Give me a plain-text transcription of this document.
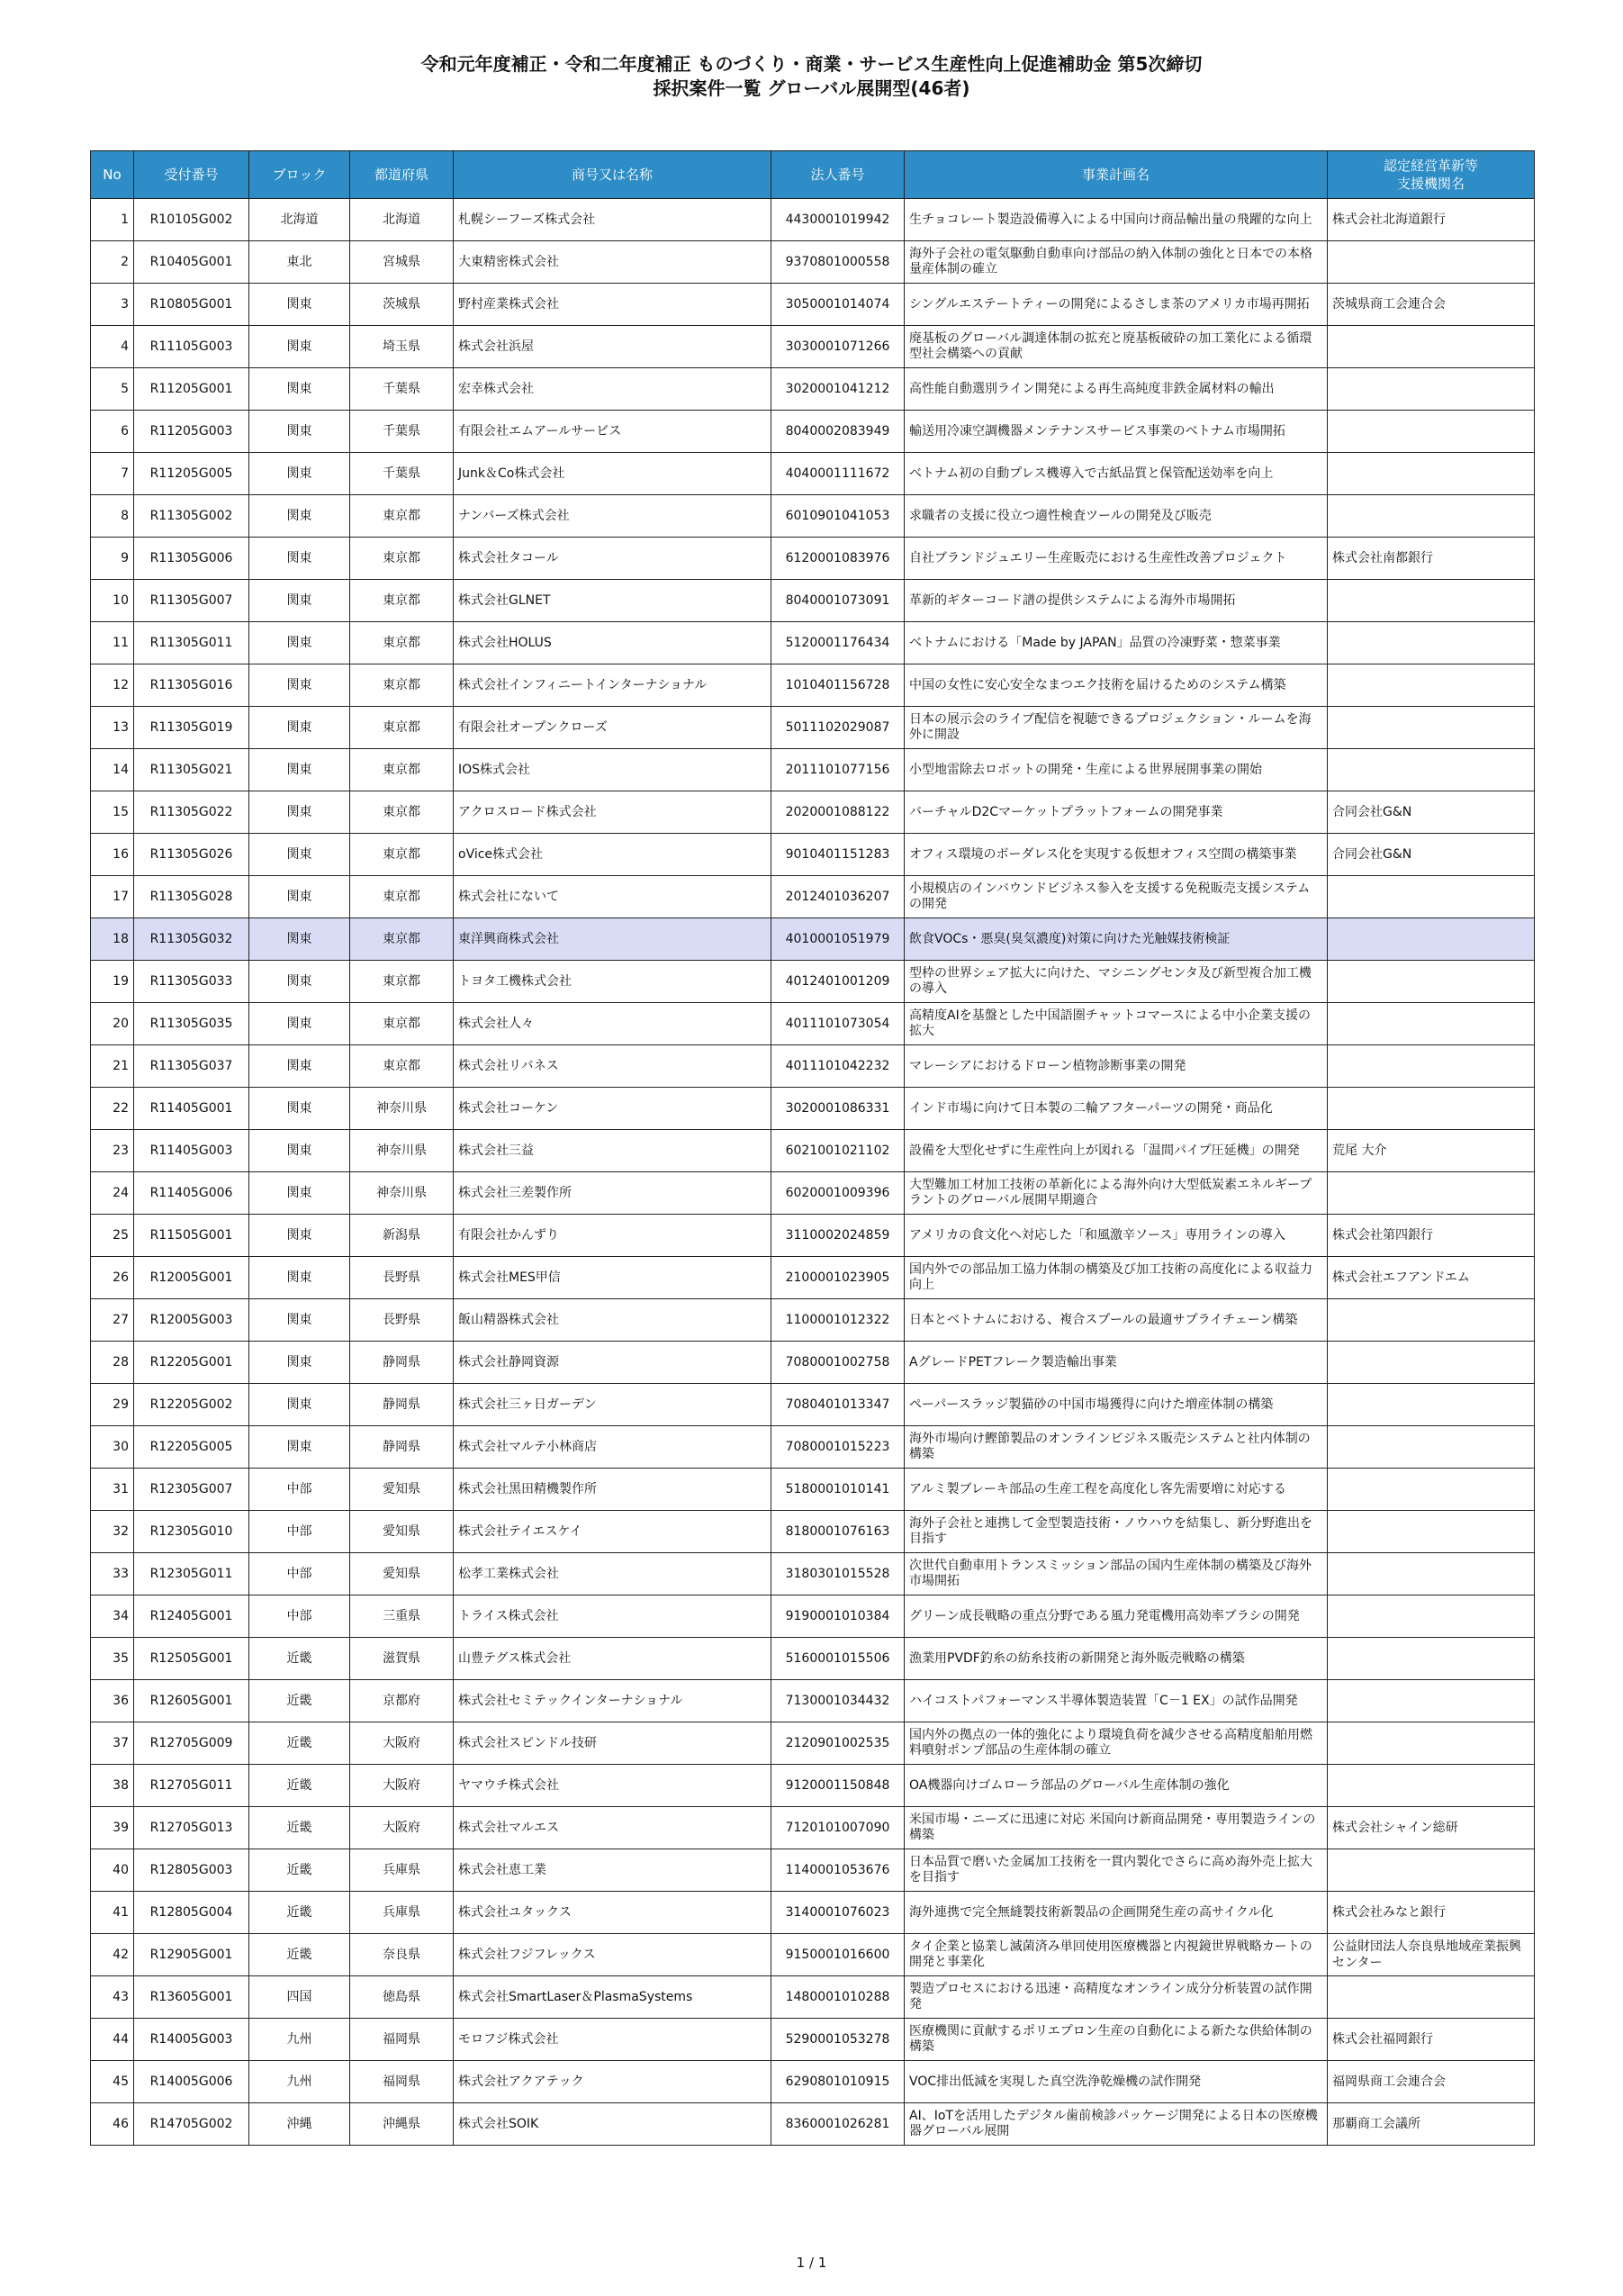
令和元年度補正・令和二年度補正 ものづくり・商業・サービス生産性向上促進補助金 第5次締切
採択案件一覧 グローバル展開型(46者)
No	受付番号	ブロック	都道府県	商号又は名称	法人番号	事業計画名	認定経営革新等
支援機関名

1	R10105G002	北海道	北海道	札幌シーフーズ株式会社	4430001019942	生チョコレート製造設備導入による中国向け商品輸出量の飛躍的な向上	株式会社北海道銀行
2	R10405G001	東北	宮城県	大東精密株式会社	9370801000558	海外子会社の電気駆動自動車向け部品の納入体制の強化と日本での本格量産体制の確立	
3	R10805G001	関東	茨城県	野村産業株式会社	3050001014074	シングルエステートティーの開発によるさしま茶のアメリカ市場再開拓	茨城県商工会連合会
4	R11105G003	関東	埼玉県	株式会社浜屋	3030001071266	廃基板のグローバル調達体制の拡充と廃基板破砕の加工業化による循環型社会構築への貢献	
5	R11205G001	関東	千葉県	宏幸株式会社	3020001041212	高性能自動選別ライン開発による再生高純度非鉄金属材料の輸出	
6	R11205G003	関東	千葉県	有限会社エムアールサービス	8040002083949	輸送用冷凍空調機器メンテナンスサービス事業のベトナム市場開拓	
7	R11205G005	関東	千葉県	Junk＆Co株式会社	4040001111672	ベトナム初の自動プレス機導入で古紙品質と保管配送効率を向上	
8	R11305G002	関東	東京都	ナンバーズ株式会社	6010901041053	求職者の支援に役立つ適性検査ツールの開発及び販売	
9	R11305G006	関東	東京都	株式会社タコール	6120001083976	自社ブランドジュエリー生産販売における生産性改善プロジェクト	株式会社南都銀行
10	R11305G007	関東	東京都	株式会社GLNET	8040001073091	革新的ギターコード譜の提供システムによる海外市場開拓	
11	R11305G011	関東	東京都	株式会社HOLUS	5120001176434	ベトナムにおける「Made by JAPAN」品質の冷凍野菜・惣菜事業	
12	R11305G016	関東	東京都	株式会社インフィニートインターナショナル	1010401156728	中国の女性に安心安全なまつエク技術を届けるためのシステム構築	
13	R11305G019	関東	東京都	有限会社オープンクローズ	5011102029087	日本の展示会のライブ配信を視聴できるプロジェクション・ルームを海外に開設	
14	R11305G021	関東	東京都	IOS株式会社	2011101077156	小型地雷除去ロボットの開発・生産による世界展開事業の開始	
15	R11305G022	関東	東京都	アクロスロード株式会社	2020001088122	バーチャルD2Cマーケットプラットフォームの開発事業	合同会社G&N
16	R11305G026	関東	東京都	oVice株式会社	9010401151283	オフィス環境のボーダレス化を実現する仮想オフィス空間の構築事業	合同会社G&N
17	R11305G028	関東	東京都	株式会社にないて	2012401036207	小規模店のインバウンドビジネス参入を支援する免税販売支援システムの開発	
18	R11305G032	関東	東京都	東洋興商株式会社	4010001051979	飲食VOCs・悪臭(臭気濃度)対策に向けた光触媒技術検証	
19	R11305G033	関東	東京都	トヨタ工機株式会社	4012401001209	型枠の世界シェア拡大に向けた、マシニングセンタ及び新型複合加工機の導入	
20	R11305G035	関東	東京都	株式会社人々	4011101073054	高精度AIを基盤とした中国語圏チャットコマースによる中小企業支援の拡大	
21	R11305G037	関東	東京都	株式会社リバネス	4011101042232	マレーシアにおけるドローン植物診断事業の開発	
22	R11405G001	関東	神奈川県	株式会社コーケン	3020001086331	インド市場に向けて日本製の二輪アフターパーツの開発・商品化	
23	R11405G003	関東	神奈川県	株式会社三益	6021001021102	設備を大型化せずに生産性向上が図れる「温間パイプ圧延機」の開発	荒尾 大介
24	R11405G006	関東	神奈川県	株式会社三差製作所	6020001009396	大型難加工材加工技術の革新化による海外向け大型低炭素エネルギープラントのグローバル展開早期適合	
25	R11505G001	関東	新潟県	有限会社かんずり	3110002024859	アメリカの食文化へ対応した「和風激辛ソース」専用ラインの導入	株式会社第四銀行
26	R12005G001	関東	長野県	株式会社MES甲信	2100001023905	国内外での部品加工協力体制の構築及び加工技術の高度化による収益力向上	株式会社エフアンドエム
27	R12005G003	関東	長野県	飯山精器株式会社	1100001012322	日本とベトナムにおける、複合スプールの最適サプライチェーン構築	
28	R12205G001	関東	静岡県	株式会社静岡資源	7080001002758	AグレードPETフレーク製造輸出事業	
29	R12205G002	関東	静岡県	株式会社三ヶ日ガーデン	7080401013347	ペーパースラッジ製猫砂の中国市場獲得に向けた増産体制の構築	
30	R12205G005	関東	静岡県	株式会社マルテ小林商店	7080001015223	海外市場向け鰹節製品のオンラインビジネス販売システムと社内体制の構築	
31	R12305G007	中部	愛知県	株式会社黒田精機製作所	5180001010141	アルミ製ブレーキ部品の生産工程を高度化し客先需要増に対応する	
32	R12305G010	中部	愛知県	株式会社テイエスケイ	8180001076163	海外子会社と連携して金型製造技術・ノウハウを結集し、新分野進出を目指す	
33	R12305G011	中部	愛知県	松孝工業株式会社	3180301015528	次世代自動車用トランスミッション部品の国内生産体制の構築及び海外市場開拓	
34	R12405G001	中部	三重県	トライス株式会社	9190001010384	グリーン成長戦略の重点分野である風力発電機用高効率ブラシの開発	
35	R12505G001	近畿	滋賀県	山豊テグス株式会社	5160001015506	漁業用PVDF釣糸の紡糸技術の新開発と海外販売戦略の構築	
36	R12605G001	近畿	京都府	株式会社セミテックインターナショナル	7130001034432	ハイコストパフォーマンス半導体製造装置「C－1 EX」の試作品開発	
37	R12705G009	近畿	大阪府	株式会社スピンドル技研	2120901002535	国内外の拠点の一体的強化により環境負荷を減少させる高精度船舶用燃料噴射ポンプ部品の生産体制の確立	
38	R12705G011	近畿	大阪府	ヤマウチ株式会社	9120001150848	OA機器向けゴムローラ部品のグローバル生産体制の強化	
39	R12705G013	近畿	大阪府	株式会社マルエス	7120101007090	米国市場・ニーズに迅速に対応 米国向け新商品開発・専用製造ラインの構築	株式会社シャイン総研
40	R12805G003	近畿	兵庫県	株式会社恵工業	1140001053676	日本品質で磨いた金属加工技術を一貫内製化でさらに高め海外売上拡大を目指す	
41	R12805G004	近畿	兵庫県	株式会社ユタックス	3140001076023	海外連携で完全無縫製技術新製品の企画開発生産の高サイクル化	株式会社みなと銀行
42	R12905G001	近畿	奈良県	株式会社フジフレックス	9150001016600	タイ企業と協業し滅菌済み単回使用医療機器と内視鏡世界戦略カートの開発と事業化	公益財団法人奈良県地域産業振興センター
43	R13605G001	四国	徳島県	株式会社SmartLaser＆PlasmaSystems	1480001010288	製造プロセスにおける迅速・高精度なオンライン成分分析装置の試作開発	
44	R14005G003	九州	福岡県	モロフジ株式会社	5290001053278	医療機関に貢献するポリエプロン生産の自動化による新たな供給体制の構築	株式会社福岡銀行
45	R14005G006	九州	福岡県	株式会社アクアテック	6290801010915	VOC排出低減を実現した真空洗浄乾燥機の試作開発	福岡県商工会連合会
46	R14705G002	沖縄	沖縄県	株式会社SOIK	8360001026281	AI、IoTを活用したデジタル歯前検診パッケージ開発による日本の医療機器グローバル展開	那覇商工会議所
1 / 1
